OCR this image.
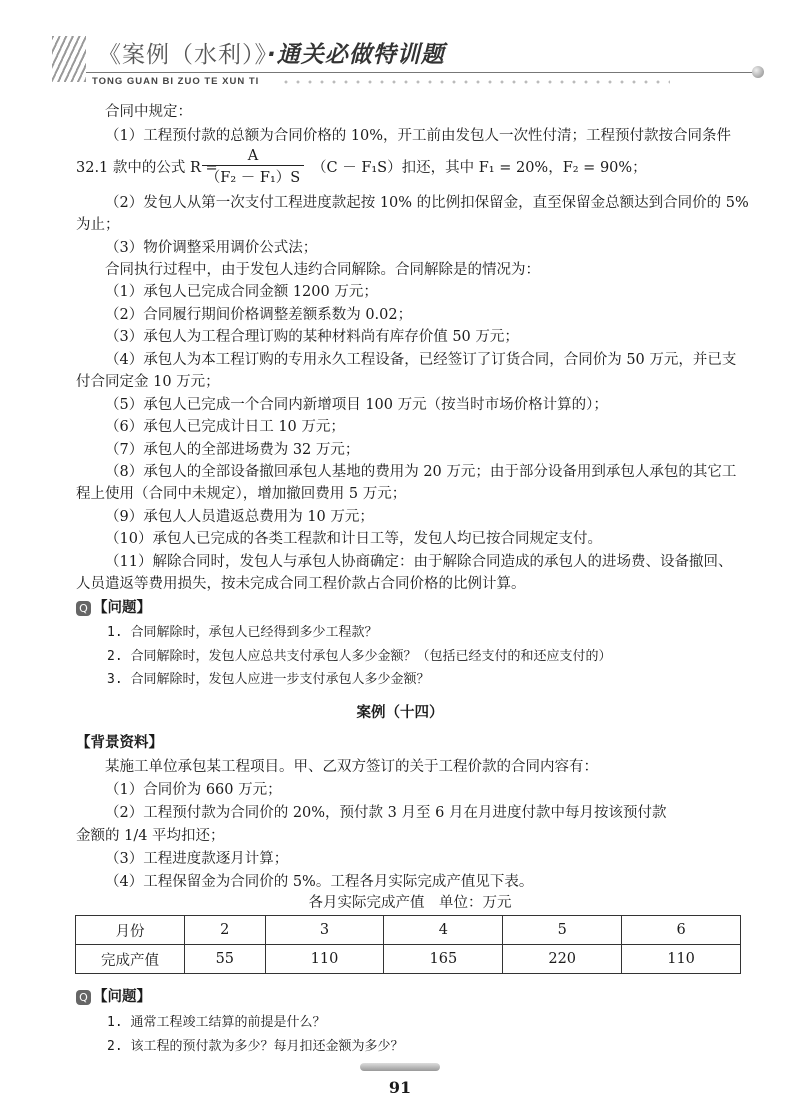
《案例（水利）》·通关必做特训题
TONG GUAN BI ZUO TE XUN TI
合同中规定：
（1）工程预付款的总额为合同价格的 10%，开工前由发包人一次性付清；工程预付款按合同条件
32.1 款中的公式 R =
$\frac{A}{\text{（F₂ － F₁）S}} (C - F_1S)$扣还，其中 F₁ = 20%，F₂ = 90%；
（2）发包人从第一次支付工程进度款起按 10% 的比例扣保留金，直至保留金总额达到合同价的 5%
为止；
（3）物价调整采用调价公式法；
合同执行过程中，由于发包人违约合同解除。合同解除是的情况为：
（1）承包人已完成合同金额 1200 万元；
（2）合同履行期间价格调整差额系数为 0.02；
（3）承包人为工程合理订购的某种材料尚有库存价值 50 万元；
（4）承包人为本工程订购的专用永久工程设备，已经签订了订货合同，合同价为 50 万元，并已支
付合同定金 10 万元；
（5）承包人已完成一个合同内新增项目 100 万元（按当时市场价格计算的）；
（6）承包人已完成计日工 10 万元；
（7）承包人的全部进场费为 32 万元；
（8）承包人的全部设备撤回承包人基地的费用为 20 万元；由于部分设备用到承包人承包的其它工
程上使用（合同中未规定），增加撤回费用 5 万元；
（9）承包人人员遣返总费用为 10 万元；
（10）承包人已完成的各类工程款和计日工等，发包人均已按合同规定支付。
（11）解除合同时，发包人与承包人协商确定：由于解除合同造成的承包人的进场费、设备撤回、
人员遣返等费用损失，按未完成合同工程价款占合同价格的比例计算。
Q 【问题】
1. 合同解除时，承包人已经得到多少工程款？
2. 合同解除时，发包人应总共支付承包人多少金额？（包括已经支付的和还应支付的）
3. 合同解除时，发包人应进一步支付承包人多少金额？
案例（十四）
【背景资料】
某施工单位承包某工程项目。甲、乙双方签订的关于工程价款的合同内容有：
（1）合同价为 660 万元；
（2）工程预付款为合同价的 20%，预付款 3 月至 6 月在月进度付款中每月按该预付款
金额的 1/4 平均扣还；
（3）工程进度款逐月计算；
（4）工程保留金为合同价的 5%。工程各月实际完成产值见下表。
各月实际完成产值　单位：万元
月份	2	3	4	5	6
完成产值	55	110	165	220	110
Q 【问题】
1. 通常工程竣工结算的前提是什么？
2. 该工程的预付款为多少？每月扣还金额为多少？
91
